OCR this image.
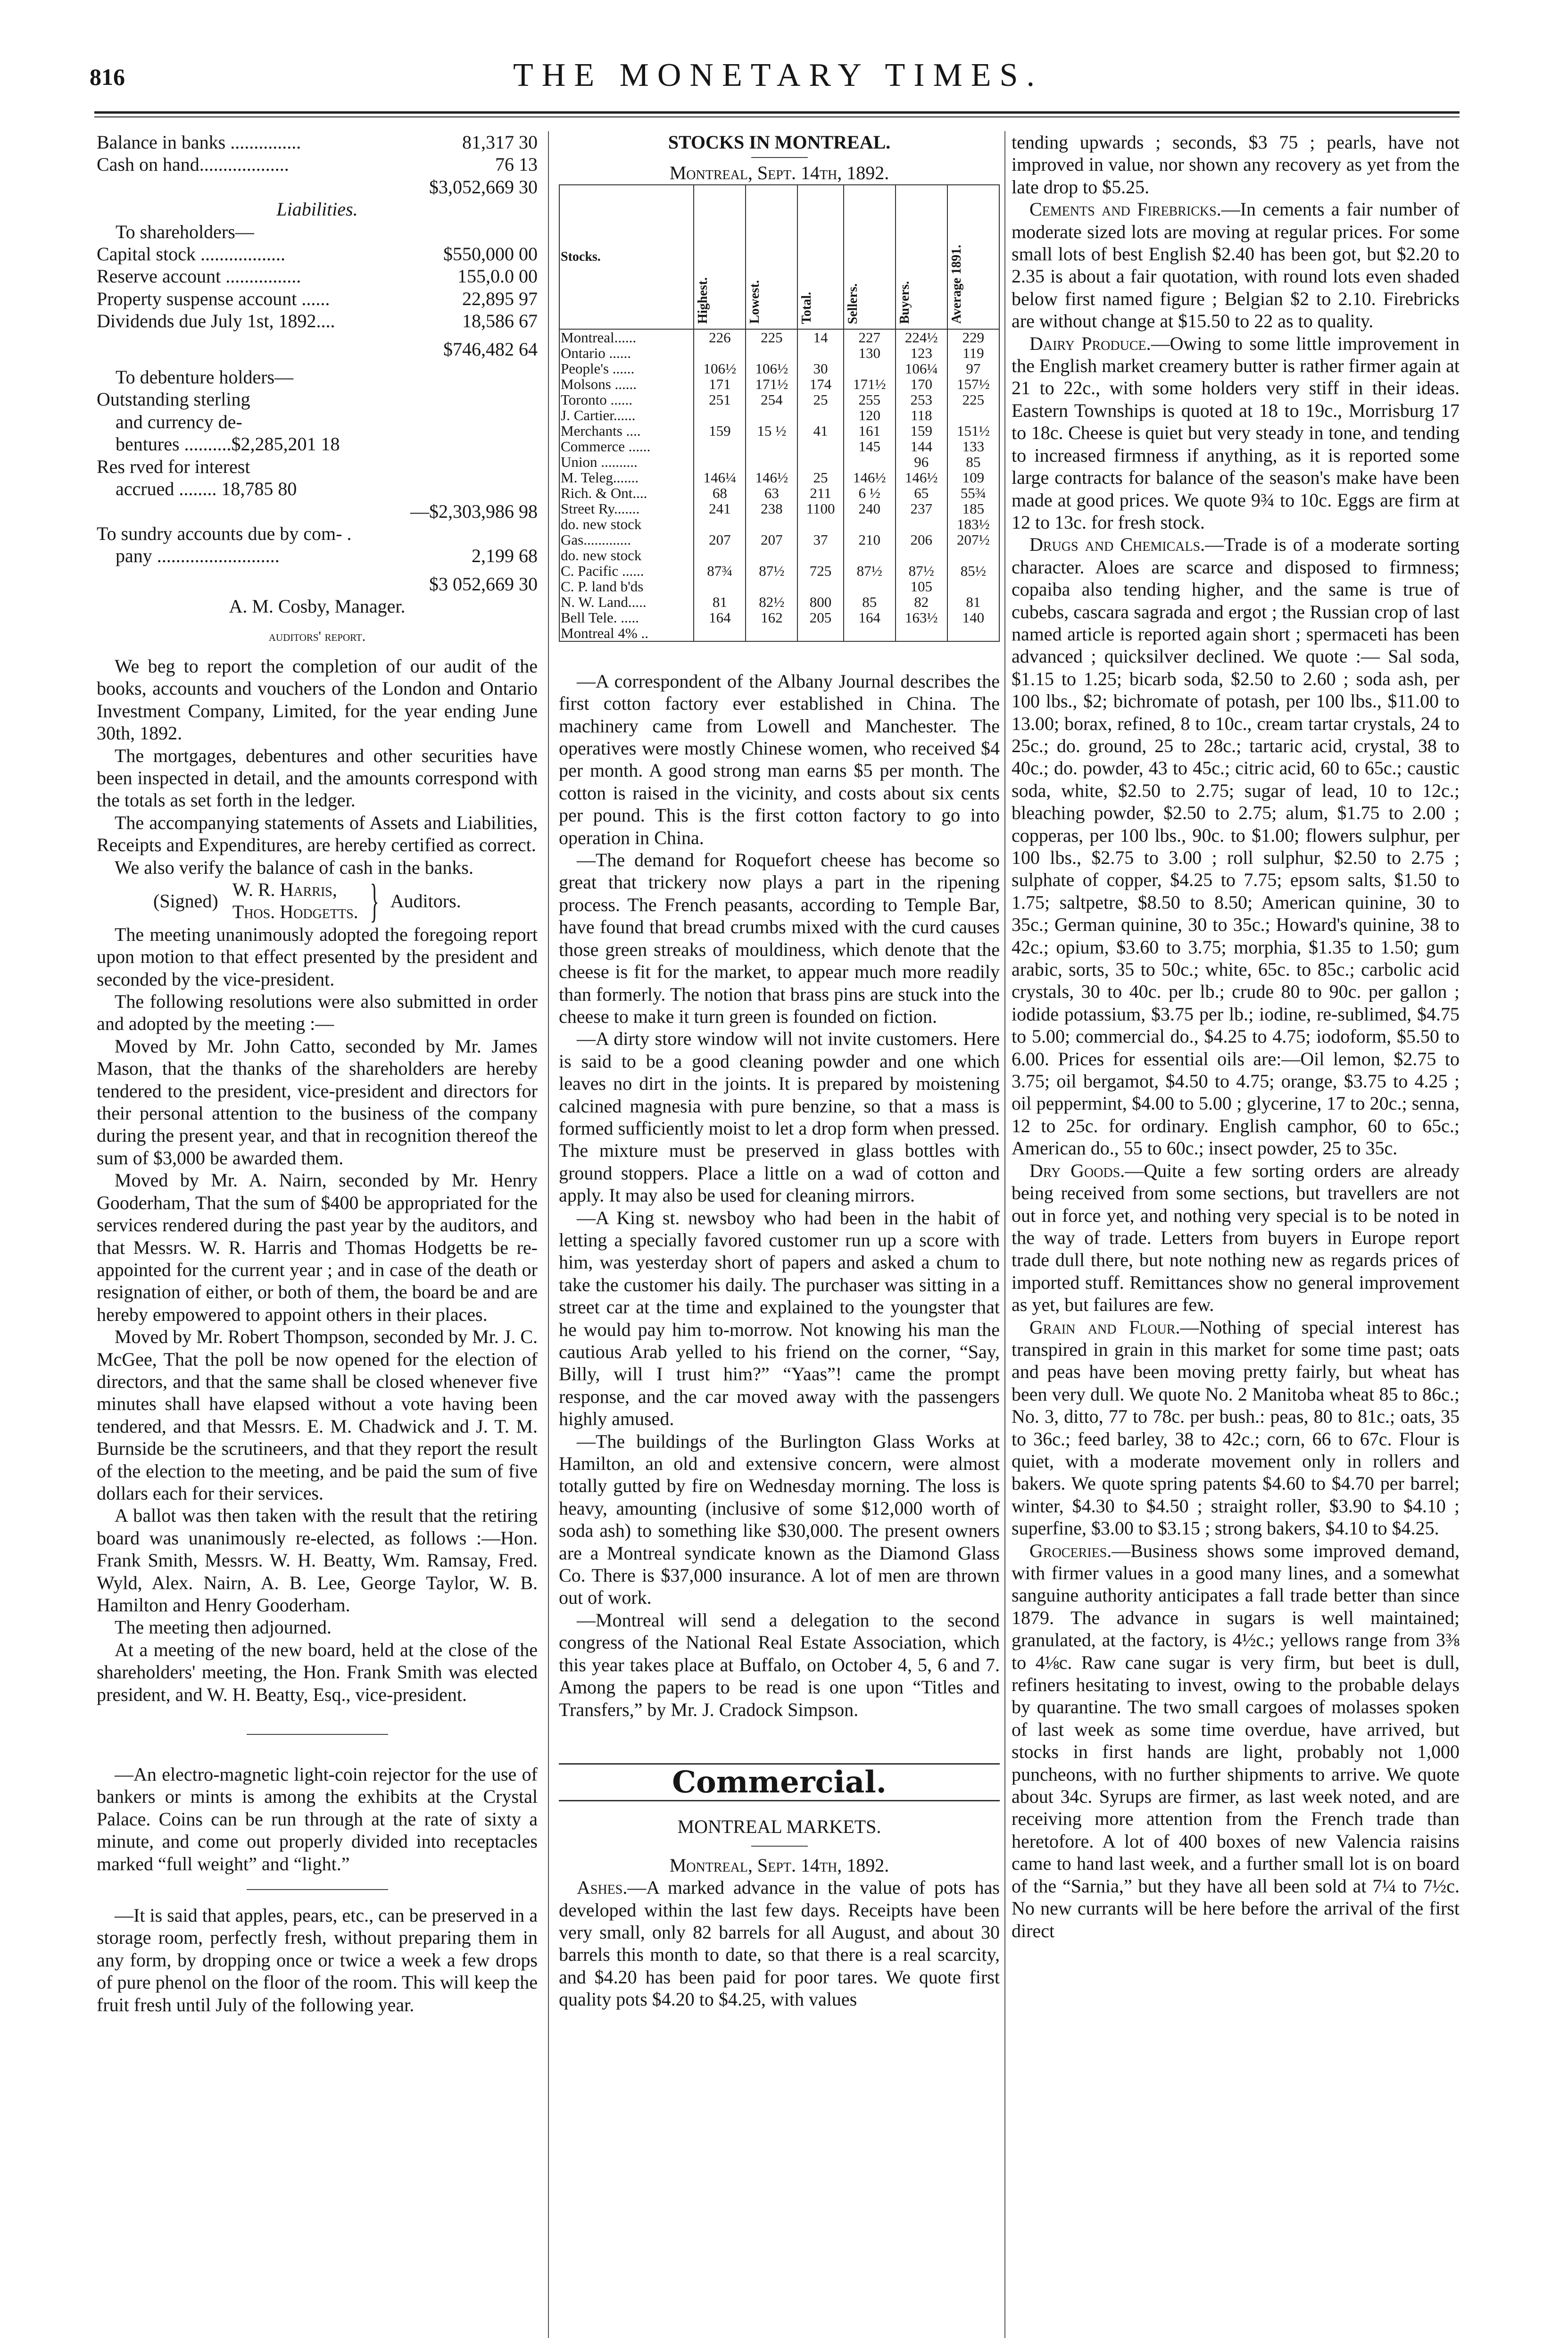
816	THE MONETARY TIMES.
Balance in banks ...............	81,317 30
Cash on hand...................	76 13
$3,052,669 30
Liabilities.
To shareholders—
Capital stock ..................	$550,000 00
Reserve account ................	155,0.0 00
Property suspense account ......	22,895 97
Dividends due July 1st, 1892....	18,586 67
$746,482 64
To debenture holders—
Outstanding sterling
and currency de-
bentures ..........$2,285,201 18
Res rved for interest
accrued ........ 18,785 80
—$2,303,986 98
To sundry accounts due by com- .
pany ..........................	2,199 68
$3 052,669 30
A. M. Cosby, Manager.
auditors' report.

We beg to report the completion of our audit of the books, accounts and vouchers of the London and Ontario Investment Company, Limited, for the year ending June 30th, 1892.

The mortgages, debentures and other securities have been inspected in detail, and the amounts correspond with the totals as set forth in the ledger.

The accompanying statements of Assets and Liabilities, Receipts and Expenditures, are hereby certified as correct.

We also verify the balance of cash in the banks.

(Signed)
W. R. Harris,
Thos. Hodgetts. } Auditors.

The meeting unanimously adopted the foregoing report upon motion to that effect presented by the president and seconded by the vice-president.

The following resolutions were also submitted in order and adopted by the meeting :—

Moved by Mr. John Catto, seconded by Mr. James Mason, that the thanks of the shareholders are hereby tendered to the president, vice-president and directors for their personal attention to the business of the company during the present year, and that in recognition thereof the sum of $3,000 be awarded them.

Moved by Mr. A. Nairn, seconded by Mr. Henry Gooderham, That the sum of $400 be appropriated for the services rendered during the past year by the auditors, and that Messrs. W. R. Harris and Thomas Hodgetts be re-appointed for the current year ; and in case of the death or resignation of either, or both of them, the board be and are hereby empowered to appoint others in their places.

Moved by Mr. Robert Thompson, seconded by Mr. J. C. McGee, That the poll be now opened for the election of directors, and that the same shall be closed whenever five minutes shall have elapsed without a vote having been tendered, and that Messrs. E. M. Chadwick and J. T. M. Burnside be the scrutineers, and that they report the result of the election to the meeting, and be paid the sum of five dollars each for their services.

A ballot was then taken with the result that the retiring board was unanimously re-elected, as follows :—Hon. Frank Smith, Messrs. W. H. Beatty, Wm. Ramsay, Fred. Wyld, Alex. Nairn, A. B. Lee, George Taylor, W. B. Hamilton and Henry Gooderham.

The meeting then adjourned.

At a meeting of the new board, held at the close of the shareholders' meeting, the Hon. Frank Smith was elected president, and W. H. Beatty, Esq., vice-president.

—An electro-magnetic light-coin rejector for the use of bankers or mints is among the exhibits at the Crystal Palace. Coins can be run through at the rate of sixty a minute, and come out properly divided into receptacles marked “full weight” and “light.”

—It is said that apples, pears, etc., can be preserved in a storage room, perfectly fresh, without preparing them in any form, by dropping once or twice a week a few drops of pure phenol on the floor of the room. This will keep the fruit fresh until July of the following year.

STOCKS IN MONTREAL.
Montreal, Sept. 14th, 1892.
Stocks.	Highest.	Lowest.	Total.	Sellers.	Buyers.	Average 1891.
Montreal......	226	225	14	227	224½	229
Ontario ......				130	123	119
People's ......	106½	106½	30		106¼	97
Molsons ......	171	171½	174	171½	170	157½
Toronto ......	251	254	25	255	253	225
J. Cartier......				120	118	
Merchants ....	159	15 ½	41	161	159	151½
Commerce ......				145	144	133
Union ..........					96	85
M. Teleg.......	146¼	146½	25	146½	146½	109
Rich. & Ont....	68	63	211	6 ½	65	55¾
Street Ry.......	241	238	1100	240	237	185
do. new stock						183½
Gas.............	207	207	37	210	206	207½
do. new stock						
C. Pacific ......	87¾	87½	725	87½	87½	85½
C. P. land b'ds					105	
N. W. Land.....	81	82½	800	85	82	81
Bell Tele. .....	164	162	205	164	163½	140
Montreal 4% ..						

—A correspondent of the Albany Journal describes the first cotton factory ever established in China. The machinery came from Lowell and Manchester. The operatives were mostly Chinese women, who received $4 per month. A good strong man earns $5 per month. The cotton is raised in the vicinity, and costs about six cents per pound. This is the first cotton factory to go into operation in China.

—The demand for Roquefort cheese has become so great that trickery now plays a part in the ripening process. The French peasants, according to Temple Bar, have found that bread crumbs mixed with the curd causes those green streaks of mouldiness, which denote that the cheese is fit for the market, to appear much more readily than formerly. The notion that brass pins are stuck into the cheese to make it turn green is founded on fiction.

—A dirty store window will not invite customers. Here is said to be a good cleaning powder and one which leaves no dirt in the joints. It is prepared by moistening calcined magnesia with pure benzine, so that a mass is formed sufficiently moist to let a drop form when pressed. The mixture must be preserved in glass bottles with ground stoppers. Place a little on a wad of cotton and apply. It may also be used for cleaning mirrors.

—A King st. newsboy who had been in the habit of letting a specially favored customer run up a score with him, was yesterday short of papers and asked a chum to take the customer his daily. The purchaser was sitting in a street car at the time and explained to the youngster that he would pay him to-morrow. Not knowing his man the cautious Arab yelled to his friend on the corner, “Say, Billy, will I trust him?” “Yaas”! came the prompt response, and the car moved away with the passengers highly amused.

—The buildings of the Burlington Glass Works at Hamilton, an old and extensive concern, were almost totally gutted by fire on Wednesday morning. The loss is heavy, amounting (inclusive of some $12,000 worth of soda ash) to something like $30,000. The present owners are a Montreal syndicate known as the Diamond Glass Co. There is $37,000 insurance. A lot of men are thrown out of work.

—Montreal will send a delegation to the second congress of the National Real Estate Association, which this year takes place at Buffalo, on October 4, 5, 6 and 7. Among the papers to be read is one upon “Titles and Transfers,” by Mr. J. Cradock Simpson.

Commercial.
MONTREAL MARKETS.
Montreal, Sept. 14th, 1892.

Ashes.—A marked advance in the value of pots has developed within the last few days. Receipts have been very small, only 82 barrels for all August, and about 30 barrels this month to date, so that there is a real scarcity, and $4.20 has been paid for poor tares. We quote first quality pots $4.20 to $4.25, with values

tending upwards ; seconds, $3 75 ; pearls, have not improved in value, nor shown any recovery as yet from the late drop to $5.25.

Cements and Firebricks.—In cements a fair number of moderate sized lots are moving at regular prices. For some small lots of best English $2.40 has been got, but $2.20 to 2.35 is about a fair quotation, with round lots even shaded below first named figure ; Belgian $2 to 2.10. Firebricks are without change at $15.50 to 22 as to quality.

Dairy Produce.—Owing to some little improvement in the English market creamery butter is rather firmer again at 21 to 22c., with some holders very stiff in their ideas. Eastern Townships is quoted at 18 to 19c., Morrisburg 17 to 18c. Cheese is quiet but very steady in tone, and tending to increased firmness if anything, as it is reported some large contracts for balance of the season's make have been made at good prices. We quote 9¾ to 10c. Eggs are firm at 12 to 13c. for fresh stock.

Drugs and Chemicals.—Trade is of a moderate sorting character. Aloes are scarce and disposed to firmness; copaiba also tending higher, and the same is true of cubebs, cascara sagrada and ergot ; the Russian crop of last named article is reported again short ; spermaceti has been advanced ; quicksilver declined. We quote :— Sal soda, $1.15 to 1.25; bicarb soda, $2.50 to 2.60 ; soda ash, per 100 lbs., $2; bichromate of potash, per 100 lbs., $11.00 to 13.00; borax, refined, 8 to 10c., cream tartar crystals, 24 to 25c.; do. ground, 25 to 28c.; tartaric acid, crystal, 38 to 40c.; do. powder, 43 to 45c.; citric acid, 60 to 65c.; caustic soda, white, $2.50 to 2.75; sugar of lead, 10 to 12c.; bleaching powder, $2.50 to 2.75; alum, $1.75 to 2.00 ; copperas, per 100 lbs., 90c. to $1.00; flowers sulphur, per 100 lbs., $2.75 to 3.00 ; roll sulphur, $2.50 to 2.75 ; sulphate of copper, $4.25 to 7.75; epsom salts, $1.50 to 1.75; saltpetre, $8.50 to 8.50; American quinine, 30 to 35c.; German quinine, 30 to 35c.; Howard's quinine, 38 to 42c.; opium, $3.60 to 3.75; morphia, $1.35 to 1.50; gum arabic, sorts, 35 to 50c.; white, 65c. to 85c.; carbolic acid crystals, 30 to 40c. per lb.; crude 80 to 90c. per gallon ; iodide potassium, $3.75 per lb.; iodine, re-sublimed, $4.75 to 5.00; commercial do., $4.25 to 4.75; iodoform, $5.50 to 6.00. Prices for essential oils are:—Oil lemon, $2.75 to 3.75; oil bergamot, $4.50 to 4.75; orange, $3.75 to 4.25 ; oil peppermint, $4.00 to 5.00 ; glycerine, 17 to 20c.; senna, 12 to 25c. for ordinary. English camphor, 60 to 65c.; American do., 55 to 60c.; insect powder, 25 to 35c.

Dry Goods.—Quite a few sorting orders are already being received from some sections, but travellers are not out in force yet, and nothing very special is to be noted in the way of trade. Letters from buyers in Europe report trade dull there, but note nothing new as regards prices of imported stuff. Remittances show no general improvement as yet, but failures are few.

Grain and Flour.—Nothing of special interest has transpired in grain in this market for some time past; oats and peas have been moving pretty fairly, but wheat has been very dull. We quote No. 2 Manitoba wheat 85 to 86c.; No. 3, ditto, 77 to 78c. per bush.: peas, 80 to 81c.; oats, 35 to 36c.; feed barley, 38 to 42c.; corn, 66 to 67c. Flour is quiet, with a moderate movement only in rollers and bakers. We quote spring patents $4.60 to $4.70 per barrel; winter, $4.30 to $4.50 ; straight roller, $3.90 to $4.10 ; superfine, $3.00 to $3.15 ; strong bakers, $4.10 to $4.25.

Groceries.—Business shows some improved demand, with firmer values in a good many lines, and a somewhat sanguine authority anticipates a fall trade better than since 1879. The advance in sugars is well maintained; granulated, at the factory, is 4½c.; yellows range from 3⅜ to 4⅛c. Raw cane sugar is very firm, but beet is dull, refiners hesitating to invest, owing to the probable delays by quarantine. The two small cargoes of molasses spoken of last week as some time overdue, have arrived, but stocks in first hands are light, probably not 1,000 puncheons, with no further shipments to arrive. We quote about 34c. Syrups are firmer, as last week noted, and are receiving more attention from the French trade than heretofore. A lot of 400 boxes of new Valencia raisins came to hand last week, and a further small lot is on board of the “Sarnia,” but they have all been sold at 7¼ to 7½c. No new currants will be here before the arrival of the first direct
